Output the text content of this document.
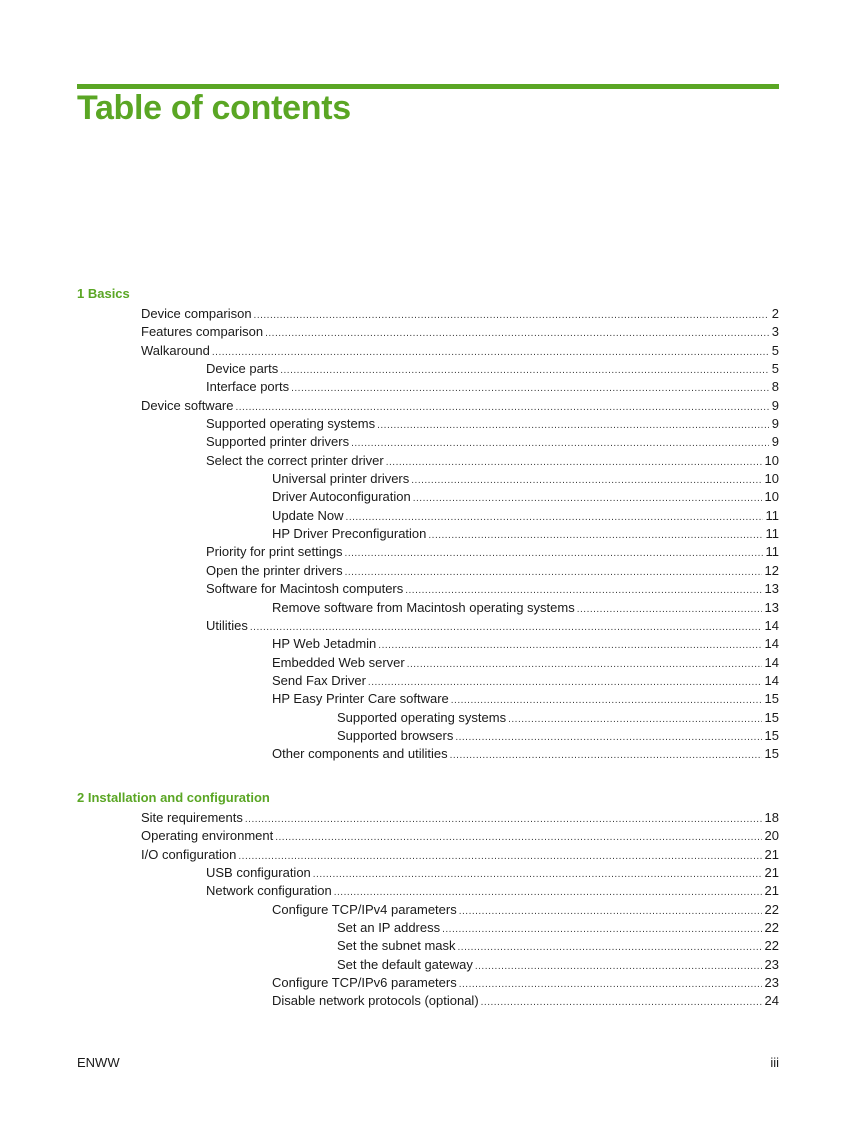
Table of contents
1 Basics
Device comparison .....	2
Features comparison .....	3
Walkaround .....	5
Device parts .....	5
Interface ports .....	8
Device software .....	9
Supported operating systems .....	9
Supported printer drivers .....	9
Select the correct printer driver .....	10
Universal printer drivers .....	10
Driver Autoconfiguration .....	10
Update Now .....	11
HP Driver Preconfiguration .....	11
Priority for print settings .....	11
Open the printer drivers .....	12
Software for Macintosh computers .....	13
Remove software from Macintosh operating systems .....	13
Utilities .....	14
HP Web Jetadmin .....	14
Embedded Web server .....	14
Send Fax Driver .....	14
HP Easy Printer Care software .....	15
Supported operating systems .....	15
Supported browsers .....	15
Other components and utilities .....	15
2 Installation and configuration
Site requirements .....	18
Operating environment .....	20
I/O configuration .....	21
USB configuration .....	21
Network configuration .....	21
Configure TCP/IPv4 parameters .....	22
Set an IP address .....	22
Set the subnet mask .....	22
Set the default gateway .....	23
Configure TCP/IPv6 parameters .....	23
Disable network protocols (optional) .....	24
ENWW	iii
